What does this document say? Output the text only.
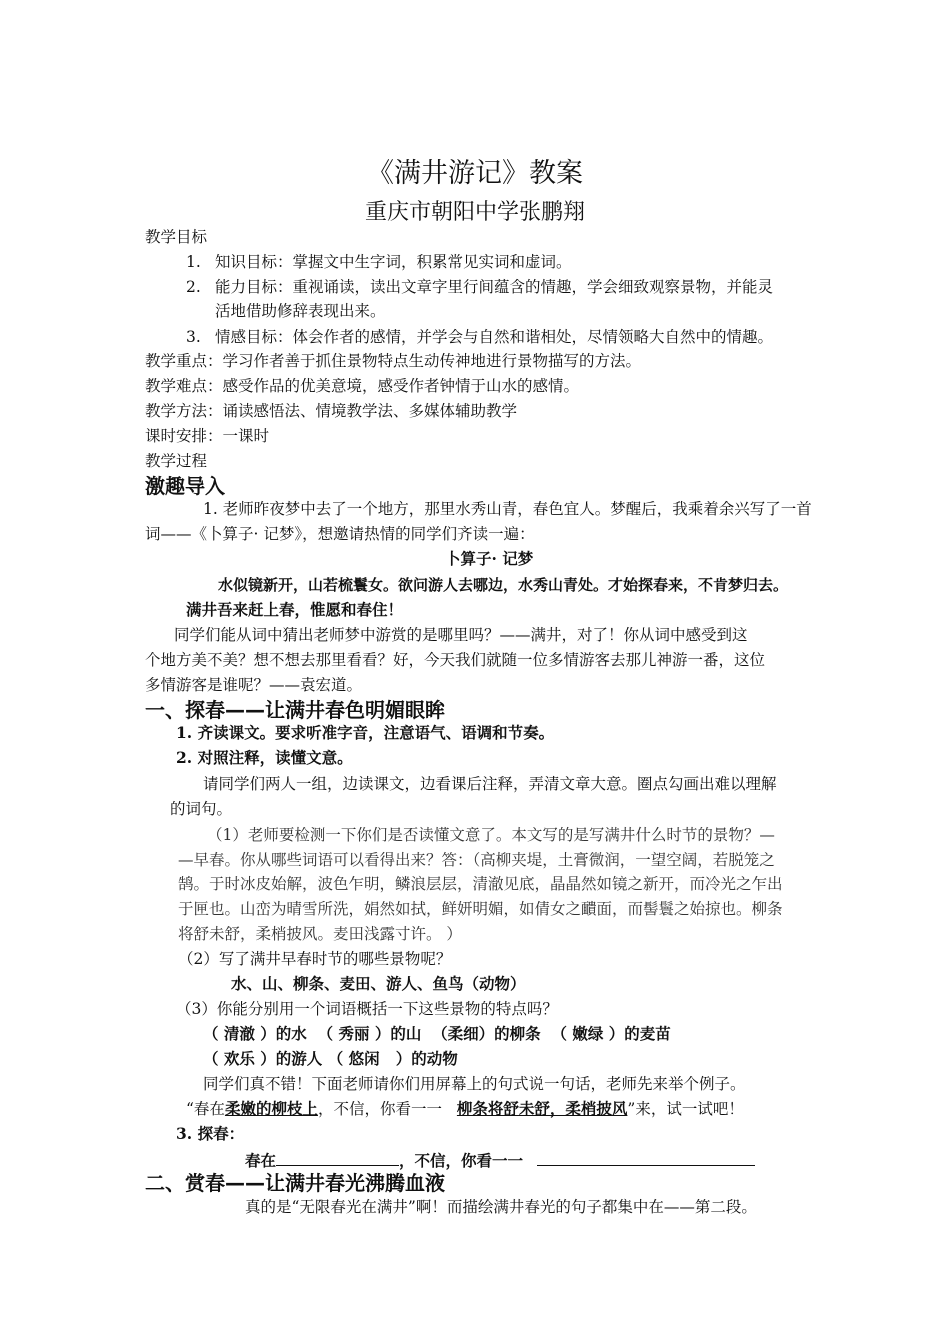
《满井游记》教案
重庆市朝阳中学张鹏翔
教学目标
1. 知识目标：掌握文中生字词，积累常见实词和虚词。
2. 能力目标：重视诵读，读出文章字里行间蕴含的情趣，学会细致观察景物，并能灵
活地借助修辞表现出来。
3. 情感目标：体会作者的感情，并学会与自然和谐相处，尽情领略大自然中的情趣。
教学重点：学习作者善于抓住景物特点生动传神地进行景物描写的方法。
教学难点：感受作品的优美意境，感受作者钟情于山水的感情。
教学方法：诵读感悟法、情境教学法、多媒体辅助教学
课时安排：一课时
教学过程
激趣导入
1. 老师昨夜梦中去了一个地方，那里水秀山青，春色宜人。梦醒后，我乘着余兴写了一首
词——《卜算子· 记梦》，想邀请热情的同学们齐读一遍：
卜算子· 记梦
水似镜新开，山若梳鬟女。欲问游人去哪边，水秀山青处。才始探春来，不肯梦归去。
满井吾来赶上春，惟愿和春住！
同学们能从词中猜出老师梦中游赏的是哪里吗？——满井，对了！你从词中感受到这
个地方美不美？想不想去那里看看？好，今天我们就随一位多情游客去那儿神游一番，这位
多情游客是谁呢？——袁宏道。
一、探春——让满井春色明媚眼眸
1. 齐读课文。要求听准字音，注意语气、语调和节奏。
2. 对照注释，读懂文意。
请同学们两人一组，边读课文，边看课后注释，弄清文章大意。圈点勾画出难以理解
的词句。
（1）老师要检测一下你们是否读懂文意了。本文写的是写满井什么时节的景物？—
—早春。你从哪些词语可以看得出来？答：（高柳夹堤，土膏微润，一望空阔，若脱笼之
鹄。于时冰皮始解，波色乍明，鳞浪层层，清澈见底，晶晶然如镜之新开，而冷光之乍出
于匣也。山峦为晴雪所洗，娟然如拭，鲜妍明媚，如倩女之靧面，而髻鬟之始掠也。柳条
将舒未舒，柔梢披风。麦田浅露寸许。 ）
（2）写了满井早春时节的哪些景物呢？
水、山、柳条、麦田、游人、鱼鸟（动物）
（3）你能分别用一个词语概括一下这些景物的特点吗？
（ 清澈 ）的水  （ 秀丽 ）的山  （柔细）的柳条  （ 嫩绿 ）的麦苗
（ 欢乐 ）的游人 （ 悠闲   ）的动物
同学们真不错！下面老师请你们用屏幕上的句式说一句话，老师先来举个例子。
“春在柔嫩的柳枝上，不信，你看一一 柳条将舒未舒，柔梢披风”来，试一试吧！
3. 探春：
春在	，不信，你看一一
二、赏春——让满井春光沸腾血液
真的是“无限春光在满井”啊！而描绘满井春光的句子都集中在——第二段。
